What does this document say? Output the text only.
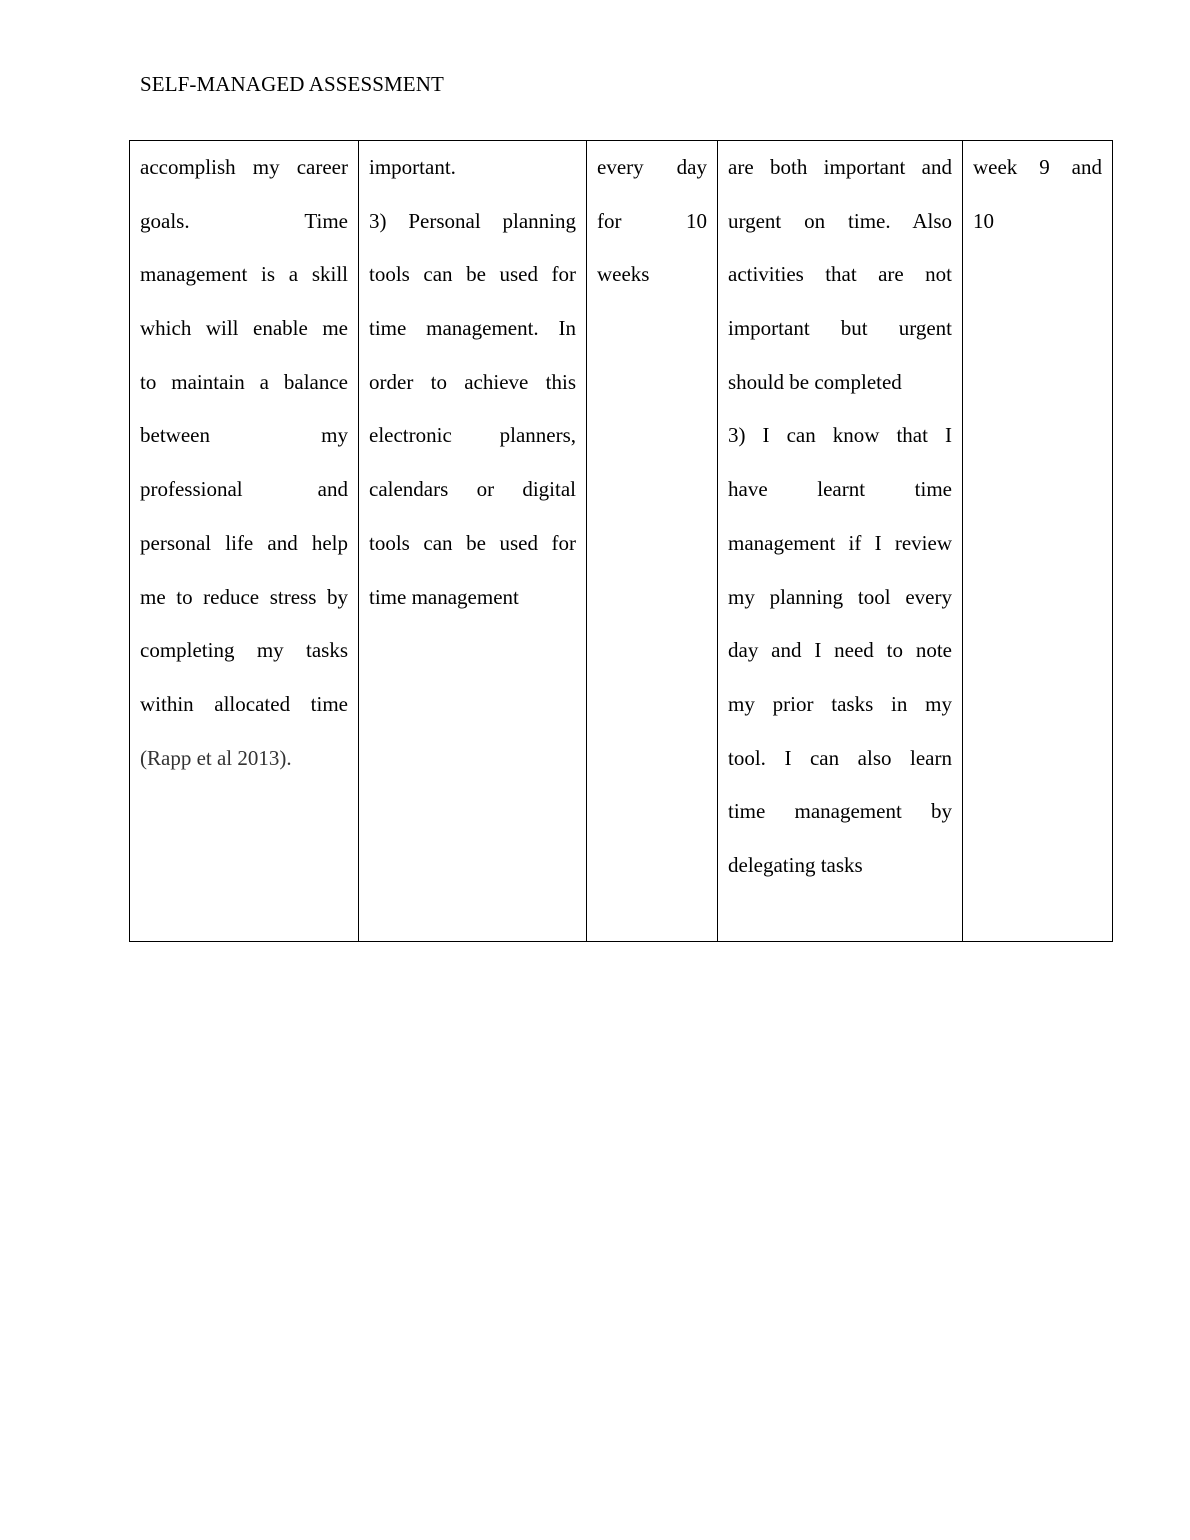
SELF-MANAGED ASSESSMENT
accomplish my career
goals. Time
management is a skill
which will enable me
to maintain a balance
between my
professional and
personal life and help
me to reduce stress by
completing my tasks
within allocated time
(Rapp et al 2013).

important.
3) Personal planning
tools can be used for
time management. In
order to achieve this
electronic planners,
calendars or digital
tools can be used for
time management

every day
for 10
weeks

are both important and
urgent on time. Also
activities that are not
important but urgent
should be completed
3) I can know that I
have learnt time
management if I review
my planning tool every
day and I need to note
my prior tasks in my
tool. I can also learn
time management by
delegating tasks

week 9 and
10
